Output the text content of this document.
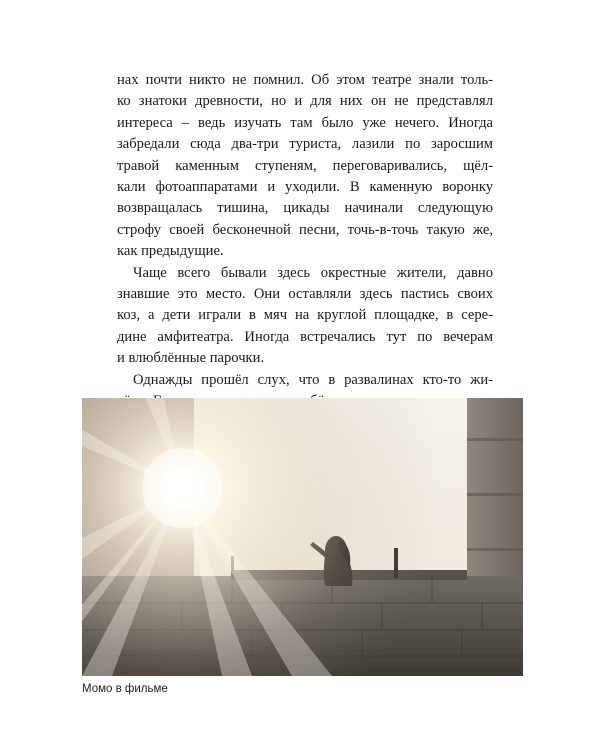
нах почти никто не помнил. Об этом театре знали толь-
ко знатоки древности, но и для них он не представлял
интереса – ведь изучать там было уже нечего. Иногда
забредали сюда два-три туриста, лазили по заросшим
травой каменным ступеням, переговаривались, щёл-
кали фотоаппаратами и уходили. В каменную воронку
возвращалась тишина, цикады начинали следующую
строфу своей бесконечной песни, точь-в-точь такую же,
как предыдущие.
Чаще всего бывали здесь окрестные жители, давно
знавшие это место. Они оставляли здесь пастись своих
коз, а дети играли в мяч на круглой площадке, в сере-
дине амфитеатра. Иногда встречались тут по вечерам
и влюблённые парочки.
Однажды прошёл слух, что в развалинах кто-то жи-
Момо в фильме
